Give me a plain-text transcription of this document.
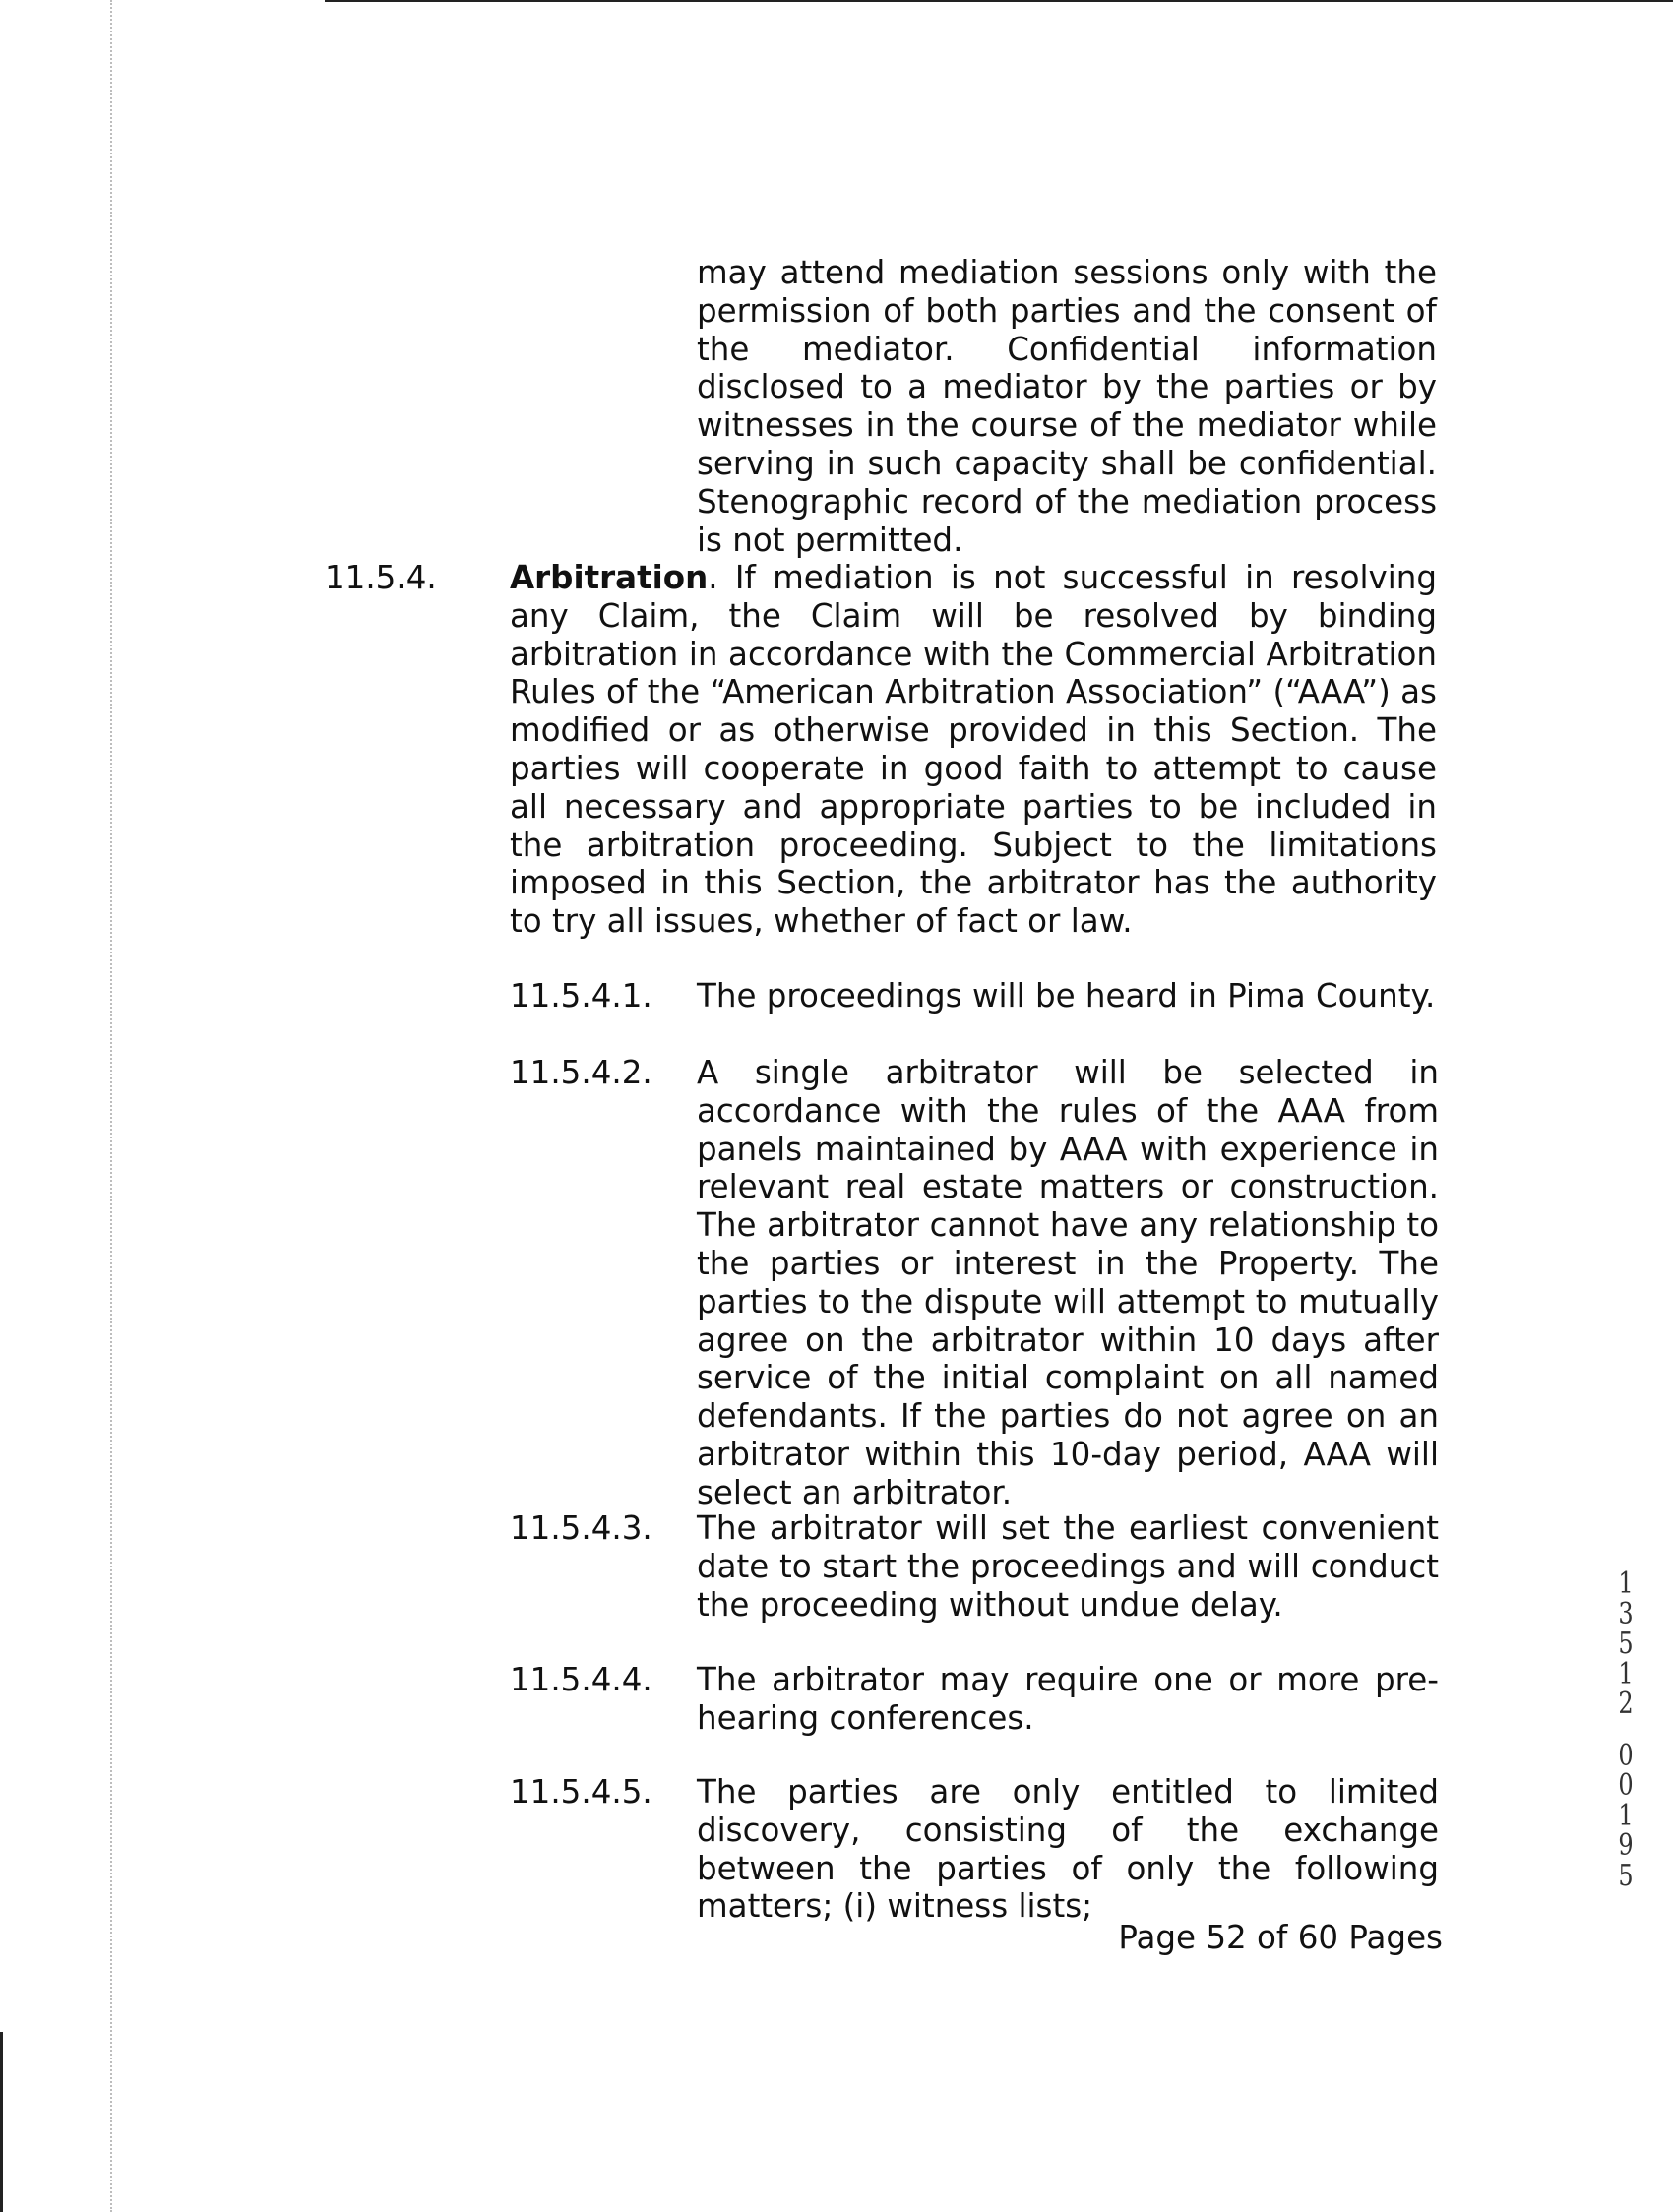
may attend mediation sessions only with the permission of both parties and the consent of the mediator. Confidential information disclosed to a mediator by the parties or by witnesses in the course of the mediator while serving in such capacity shall be confidential. Stenographic record of the mediation process is not permitted.
11.5.4. Arbitration. If mediation is not successful in resolving any Claim, the Claim will be resolved by binding arbitration in accordance with the Commercial Arbitration Rules of the “American Arbitration Association” (“AAA”) as modified or as otherwise provided in this Section. The parties will cooperate in good faith to attempt to cause all necessary and appropriate parties to be included in the arbitration proceeding. Subject to the limitations imposed in this Section, the arbitrator has the authority to try all issues, whether of fact or law.
11.5.4.1. The proceedings will be heard in Pima County.
11.5.4.2. A single arbitrator will be selected in accordance with the rules of the AAA from panels maintained by AAA with experience in relevant real estate matters or construction. The arbitrator cannot have any relationship to the parties or interest in the Property. The parties to the dispute will attempt to mutually agree on the arbitrator within 10 days after service of the initial complaint on all named defendants. If the parties do not agree on an arbitrator within this 10-day period, AAA will select an arbitrator.
11.5.4.3. The arbitrator will set the earliest convenient date to start the proceedings and will conduct the proceeding without undue delay.
11.5.4.4. The arbitrator may require one or more pre-hearing conferences.
11.5.4.5. The parties are only entitled to limited discovery, consisting of the exchange between the parties of only the following matters; (i) witness lists;
Page 52 of 60 Pages
1
3
5
1
2
0
0
1
9
5
